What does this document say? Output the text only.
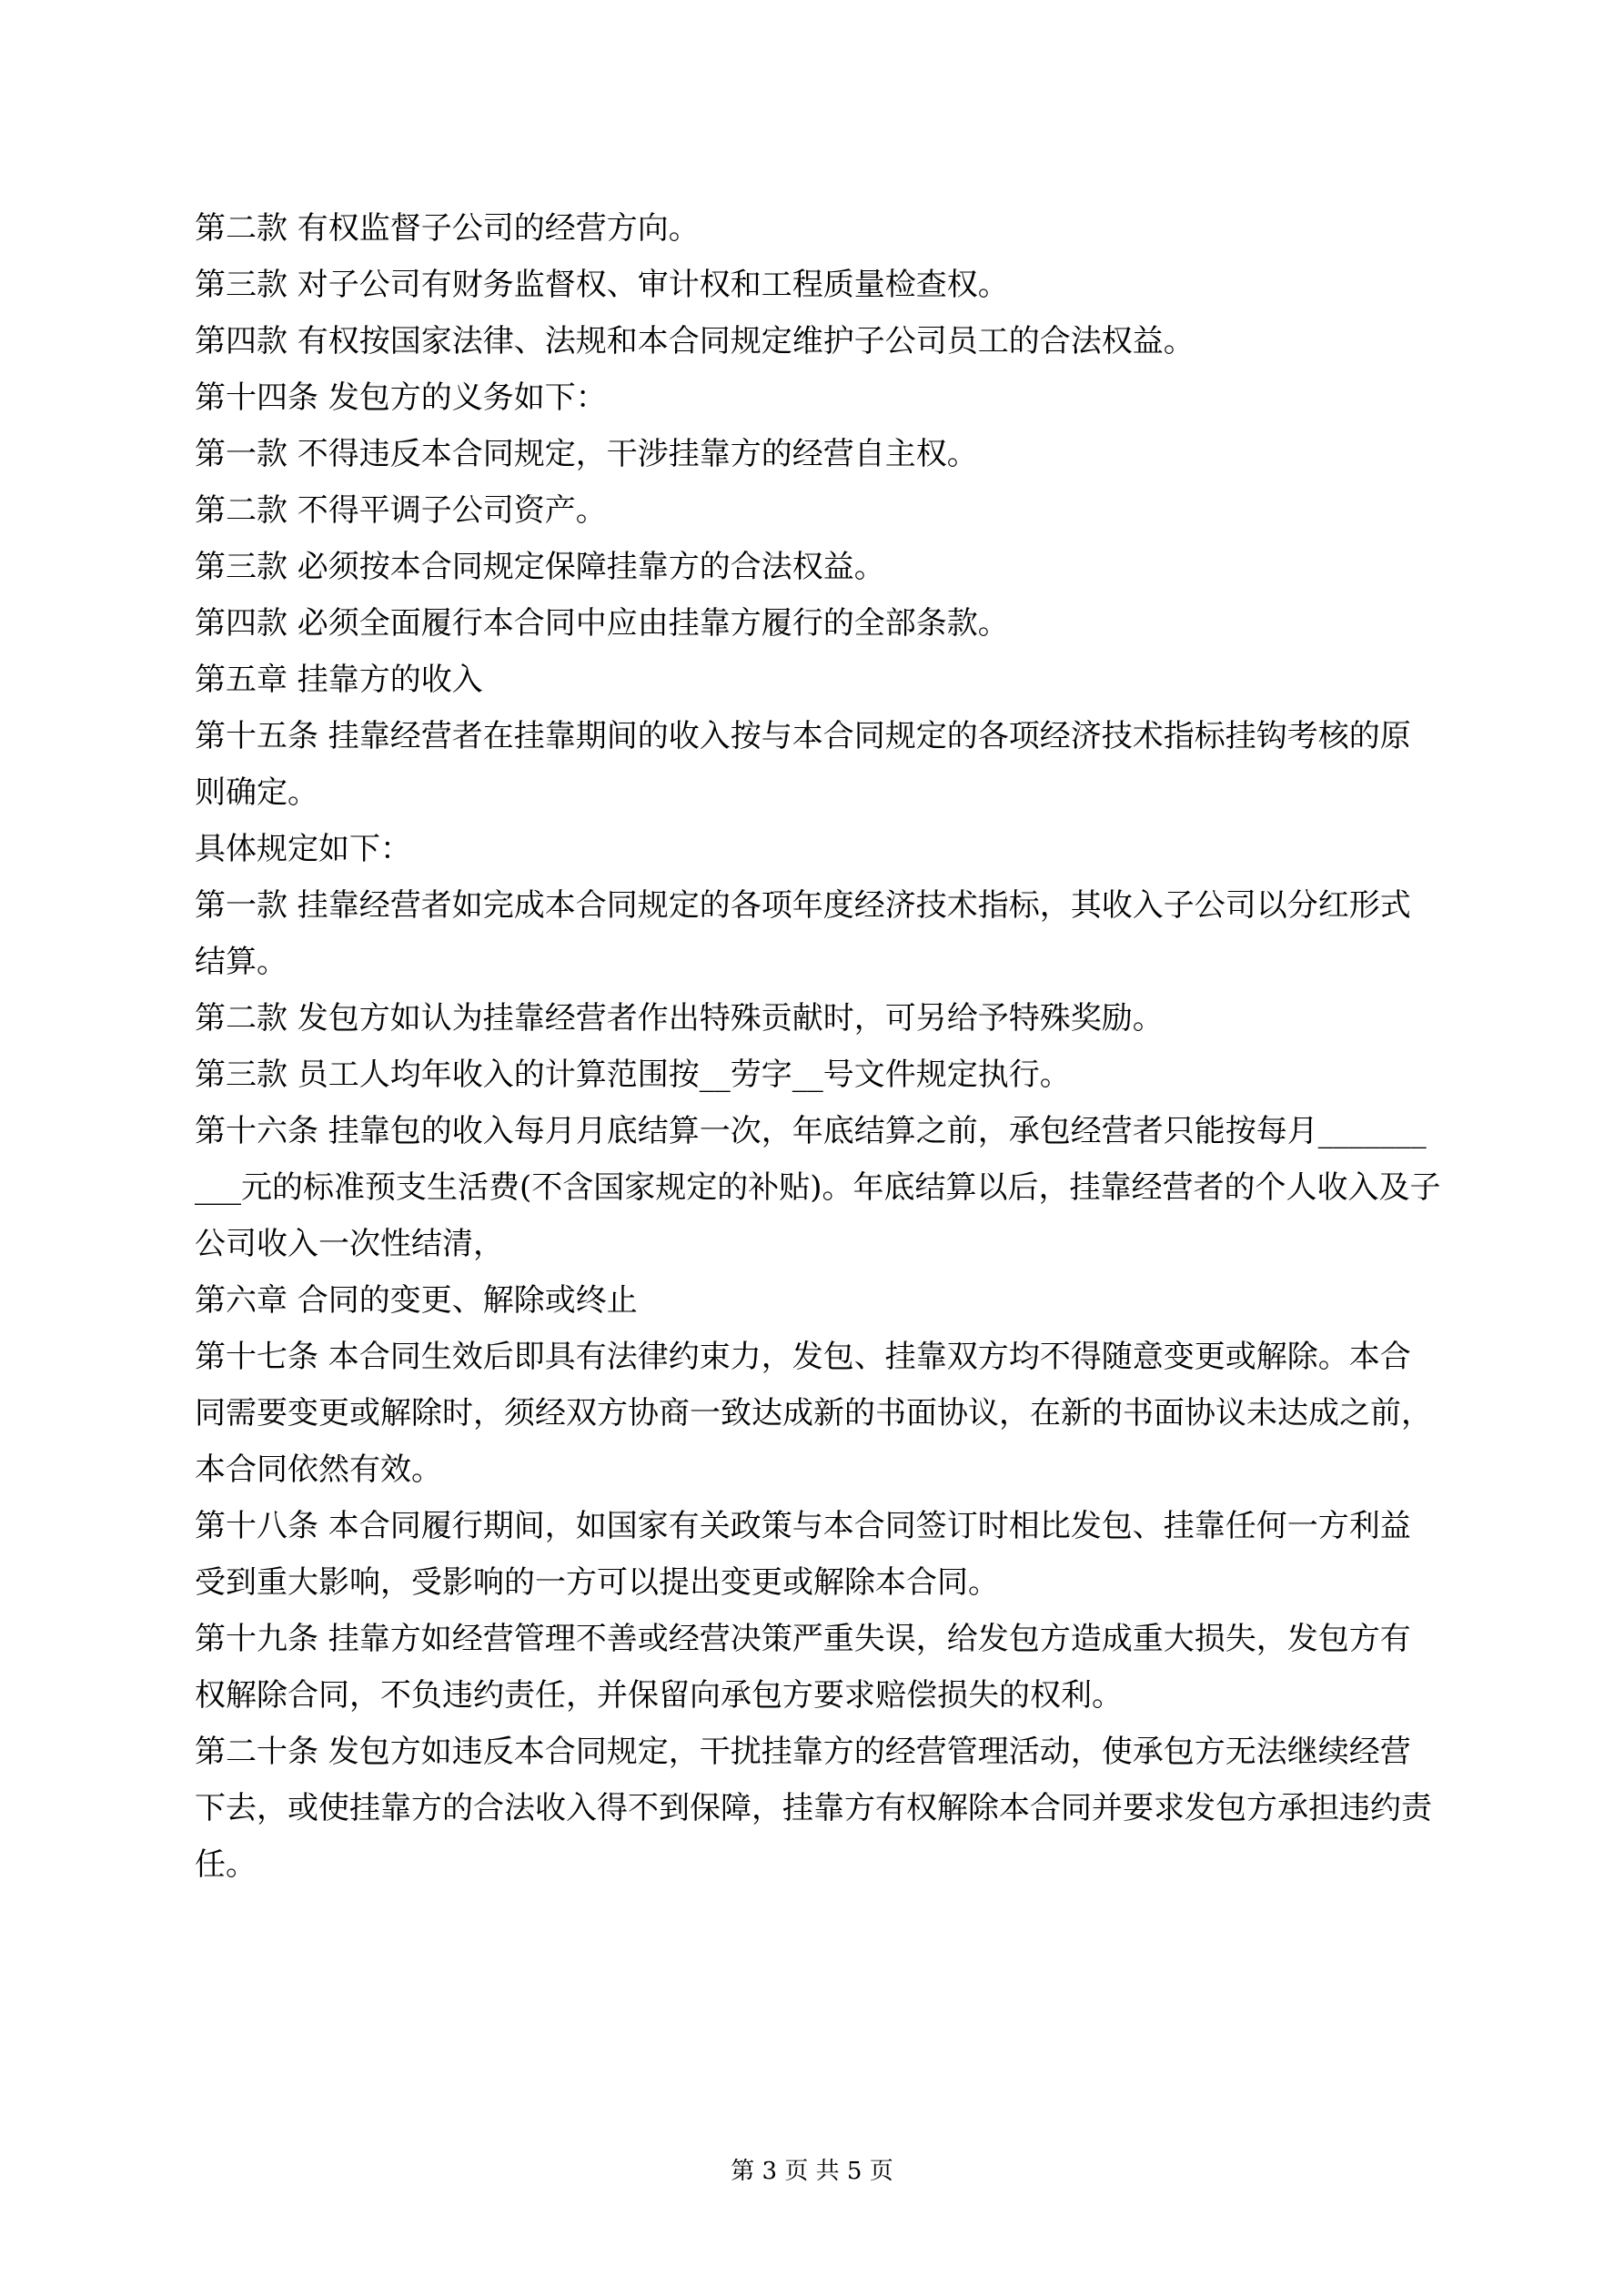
第二款 有权监督子公司的经营方向。

第三款 对子公司有财务监督权、审计权和工程质量检查权。

第四款 有权按国家法律、法规和本合同规定维护子公司员工的合法权益。

第十四条 发包方的义务如下：

第一款 不得违反本合同规定，干涉挂靠方的经营自主权。

第二款 不得平调子公司资产。

第三款 必须按本合同规定保障挂靠方的合法权益。

第四款 必须全面履行本合同中应由挂靠方履行的全部条款。

第五章 挂靠方的收入

第十五条 挂靠经营者在挂靠期间的收入按与本合同规定的各项经济技术指标挂钩考核的原则确定。

具体规定如下：

第一款 挂靠经营者如完成本合同规定的各项年度经济技术指标，其收入子公司以分红形式结算。

第二款 发包方如认为挂靠经营者作出特殊贡献时，可另给予特殊奖励。

第三款 员工人均年收入的计算范围按__劳字__号文件规定执行。

第十六条 挂靠包的收入每月月底结算一次，年底结算之前，承包经营者只能按每月__________元的标准预支生活费(不含国家规定的补贴)。年底结算以后，挂靠经营者的个人收入及子公司收入一次性结清，

第六章 合同的变更、解除或终止

第十七条 本合同生效后即具有法律约束力，发包、挂靠双方均不得随意变更或解除。本合同需要变更或解除时，须经双方协商一致达成新的书面协议，在新的书面协议未达成之前，本合同依然有效。

第十八条 本合同履行期间，如国家有关政策与本合同签订时相比发包、挂靠任何一方利益受到重大影响，受影响的一方可以提出变更或解除本合同。

第十九条 挂靠方如经营管理不善或经营决策严重失误，给发包方造成重大损失，发包方有权解除合同，不负违约责任，并保留向承包方要求赔偿损失的权利。

第二十条 发包方如违反本合同规定，干扰挂靠方的经营管理活动，使承包方无法继续经营下去，或使挂靠方的合法收入得不到保障，挂靠方有权解除本合同并要求发包方承担违约责任。

第 3 页 共 5 页
